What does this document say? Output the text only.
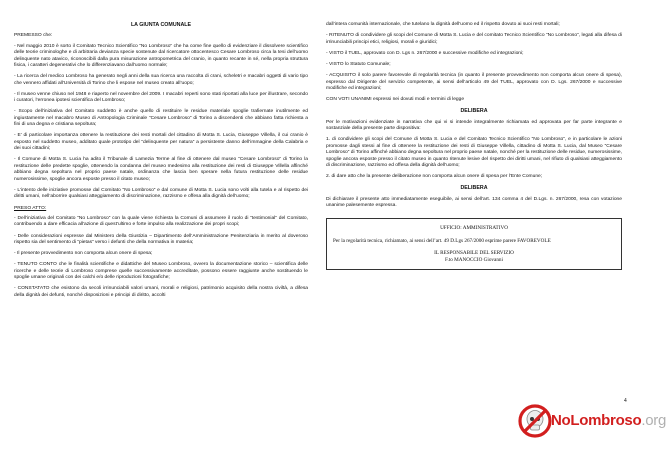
LA GIUNTA COMUNALE

PREMESSO che:

- Nel maggio 2010 è sorto il Comitato Tecnico Scientifico “No Lombroso” che ha come fine quello di evidenziare il dissolvere scientifico delle teorie criminologhe e di arbitraria devianza specie sostenute dal ricercatore ottocentesco Cesare Lombroso circa la tesi dell’uomo delinquente nato atavico, riconoscibili dalla pura misurazione antropometrica del cranio, in quanto recante in sé, nella propria struttura fisica, i caratteri degenerativi che lo differenziavano dall’uomo normale;

- La ricerca del medico Lombroso ha generato negli anni della sua ricerca una raccolta di crani, scheletri e macabri oggetti di vario tipo che vennero affidati all’Università di Torino che li espose nel museo creato all’uopo;

- Il museo venne chiuso nel 1948 e riaperto nel novembre del 2009. I macabri reperti sono stati riportati alla luce per illustrare, secondo i curatori, l’erronea ipotesi scientifica del Lombroso;

- Scopo dell’iniziativa del Comitato suddetto è anche quello di restituire le residue materiale spoglie trafiernate inutilmente ed ingiustamente nel macabro Museo di Antropologia Criminale “Cesare Lombroso” di Torino a discendenti che abbiano fatta richiesta a fini di una degna e cristiana sepoltura;

- E’ di particolare importanza ottenere la restituzione dei resti mortali del cittadino di Motta S. Lucia, Giuseppe Villella, il cui cranio è esposto nel suddetto museo, additato quale prototipo del “delinquente per natura” a persistente danno dell’immagine della Calabria e dei suoi cittadini;

- Il Comune di Motta S. Lucia ha adito il Tribunale di Lamezia Terme al fine di ottenere dal museo “Cesare Lombroso” di Torino la restituzione delle predette spoglie, ottenendo la condanna del museo medesimo alla restituzione dei resti di Giuseppe Villella affinché abbiano degna sepoltura nel proprio paese natale, ordinanza che lascia ben sperare nella futura restituzione delle residue numerosissime, spoglie ancora esposte presso il citato museo;

- L’intento delle iniziative promosse dal Comitato “No Lombroso” e dal comune di Motta S. Lucia sono volti alla tutela e al rispetto dei diritti umani, nell’aborrire qualsiasi atteggiamento di discriminazione, razzismo e offesa alla dignità dell’uomo;

PRESO ATTO:

- Dell’iniziativa del Comitato “No Lombroso” con la quale viene richiesta la Comuni di assumere il ruolo di “testimonial” del Comitato, contribuendo a dare efficacia all’azione di quest’ultimo e forte impulso alla realizzazione dei propri scopi;

- Delle considerazioni espresse dal Ministero della Giustizia – Dipartimento dell’Amministrazione Penitenziaria in merito al doveroso rispetto sia del sentimento di “pietas” verso i defunti che della normativa in materia;

- Il presente provvedimento non comporta alcun onere di spesa;

- TENUTO CONTO che le finalità scientifiche e didattiche del Museo Lombroso, ovvero la documentazione storico – scientifica delle ricerche e delle teorie di Lombroso comprese quelle successivamente accreditate, possono essere raggiunte anche sostituendo le spoglie umane originali con dei calchi e/o delle riproduzioni fotografiche;

- CONSTATATO che esistono da secoli irrinunciabili valori umani, morali e religiosi, patrimonio acquisito della nostra civiltà, a difesa della dignità dei defunti, nonché disposizioni e principi di diritto, accolti

dall’intera comunità internazionale, che tutelano la dignità dell’uomo ed il rispetto dovuto ai suoi resti mortali;

- RITENUTO di condividere gli scopi del Comune di Motta S. Lucia e del comitato Tecnico Scientifico “No Lombroso”, legati alla difesa di irrinunciabili principi etici, religiosi, morali e giuridici;

- VISTO il TUEL, approvato con D. Lgs n. 267/2000 e successive modifiche ed integrazioni;

- VISTO lo Statuto Comunale;

- ACQUISITO il solo parere favorevole di regolarità tecnica (in quanto il presente provvedimento non comporta alcun onere di spesa), espresso dal Dirigente del servizio competente, ai sensi dell’articolo 49 del TUEL, approvato con D. Lgs. 267/2000 e successive modifiche ed integrazioni;

CON VOTI UNANIMI espressi nei dovuti modi e termini di legge

DELIBERA

Per le motivazioni evidenziate in narrativa che qui vi si intende integralmente richiamata ed approvata per far parte integrante e sostanziale della presente parte dispositiva:

1. di condividere gli scopi del Comune di Motta S. Lucia e del Comitato Tecnico Scientifico “No Lombroso”, e in particolare le azioni promosse dagli stessi al fine di ottenere la restituzione dei resti di Giuseppe Villella, cittadino di Motta S. Lucia, dal Museo “Cesare Lombroso” di Torino affinché abbiano degna sepoltura nel proprio paese natale, nonché per la restituzione delle residue, numerosissime, spoglie ancora esposte presso il citato museo in quanto ritenute lesive del rispetto dei diritti umani, nel rifiuto di qualsiasi atteggiamento di discriminazione, razzismo ed offesa della dignità dell’uomo;

2. di dare atto che la presente deliberazione non comporta alcun onere di spesa per l’Ente Comune;

DELIBERA

Di dichiarare il presente atto immediatamente eseguibile, ai sensi dell’art. 134 comma 4 del D.Lgs. n. 267/2000, resa con votazione unanime palesemente espressa.

UFFICIO: AMMINISTRATIVO

Per la regolarità tecnica, richiamato, ai sensi dell’art. 49 D.Lgs 267/2000 esprime parere FAVOREVOLE

IL RESPONSABILE DEL SERVIZIO

F.to MANOCCIO Giovanni

NoLombroso.org
4
